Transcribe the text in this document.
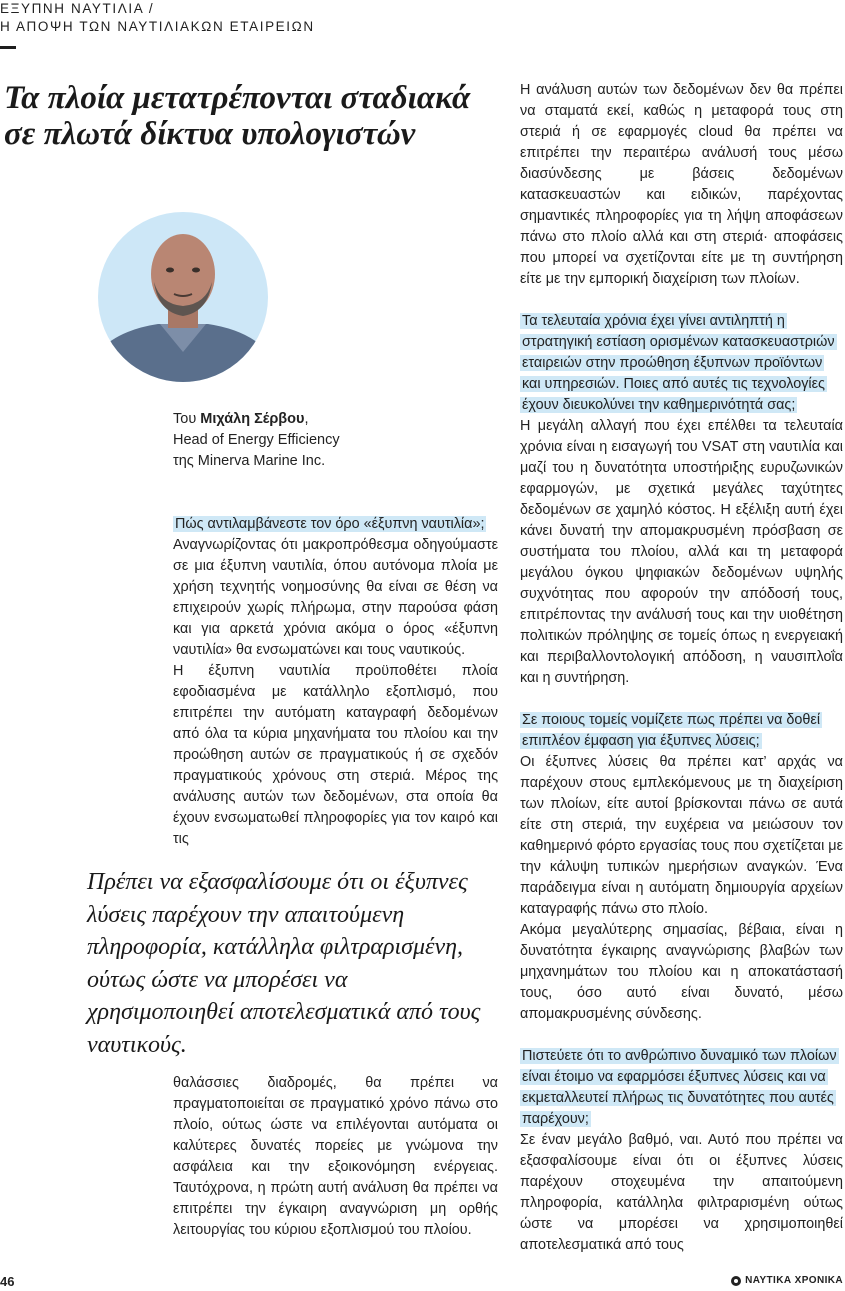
ΕΞΥΠΝΗ ΝΑΥΤΙΛΙΑ /
Η ΑΠΟΨΗ ΤΩΝ ΝΑΥΤΙΛΙΑΚΩΝ ΕΤΑΙΡΕΙΩΝ
Τα πλοία μετατρέπονται σταδιακά σε πλωτά δίκτυα υπολογιστών
Του Μιχάλη Σέρβου,
Head of Energy Efficiency
της Minerva Marine Inc.

Πώς αντιλαμβάνεστε τον όρο «έξυπνη ναυτιλία»;

Αναγνωρίζοντας ότι μακροπρόθεσμα οδηγούμαστε σε μια έξυπνη ναυτιλία, όπου αυτόνομα πλοία με χρήση τεχνητής νοημοσύνης θα είναι σε θέση να επιχειρούν χωρίς πλήρωμα, στην παρούσα φάση και για αρκετά χρόνια ακόμα ο όρος «έξυπνη ναυτιλία» θα ενσωματώνει και τους ναυτικούς.

Η έξυπνη ναυτιλία προϋποθέτει πλοία εφοδιασμένα με κατάλληλο εξοπλισμό, που επιτρέπει την αυτόματη καταγραφή δεδομένων από όλα τα κύρια μηχανήματα του πλοίου και την προώθηση αυτών σε πραγματικούς ή σε σχεδόν πραγματικούς χρόνους στη στεριά. Μέρος της ανάλυσης αυτών των δεδομένων, στα οποία θα έχουν ενσωματωθεί πληροφορίες για τον καιρό και τις

Πρέπει να εξασφαλίσουμε ότι οι έξυπνες λύσεις παρέχουν την απαιτούμενη πληροφορία, κατάλληλα φιλτραρισμένη, ούτως ώστε να μπορέσει να χρησιμοποιηθεί αποτελεσματικά από τους ναυτικούς.

θαλάσσιες διαδρομές, θα πρέπει να πραγματοποιείται σε πραγματικό χρόνο πάνω στο πλοίο, ούτως ώστε να επιλέγονται αυτόματα οι καλύτερες δυνατές πορείες με γνώμονα την ασφάλεια και την εξοικονόμηση ενέργειας. Ταυτόχρονα, η πρώτη αυτή ανάλυση θα πρέπει να επιτρέπει την έγκαιρη αναγνώριση μη ορθής λειτουργίας του κύριου εξοπλισμού του πλοίου.

Η ανάλυση αυτών των δεδομένων δεν θα πρέπει να σταματά εκεί, καθώς η μεταφορά τους στη στεριά ή σε εφαρμογές cloud θα πρέπει να επιτρέπει την περαιτέρω ανάλυσή τους μέσω διασύνδεσης με βάσεις δεδομένων κατασκευαστών και ειδικών, παρέχοντας σημαντικές πληροφορίες για τη λήψη αποφάσεων πάνω στο πλοίο αλλά και στη στεριά· αποφάσεις που μπορεί να σχετίζονται είτε με τη συντήρηση είτε με την εμπορική διαχείριση των πλοίων.

Τα τελευταία χρόνια έχει γίνει αντιληπτή η στρατηγική εστίαση ορισμένων κατασκευαστριών εταιρειών στην προώθηση έξυπνων προϊόντων και υπηρεσιών. Ποιες από αυτές τις τεχνολογίες έχουν διευκολύνει την καθημερινότητά σας;

Η μεγάλη αλλαγή που έχει επέλθει τα τελευταία χρόνια είναι η εισαγωγή του VSAT στη ναυτιλία και μαζί του η δυνατότητα υποστήριξης ευρυζωνικών εφαρμογών, με σχετικά μεγάλες ταχύτητες δεδομένων σε χαμηλό κόστος. Η εξέλιξη αυτή έχει κάνει δυνατή την απομακρυσμένη πρόσβαση σε συστήματα του πλοίου, αλλά και τη μεταφορά μεγάλου όγκου ψηφιακών δεδομένων υψηλής συχνότητας που αφορούν την απόδοσή τους, επιτρέποντας την ανάλυσή τους και την υιοθέτηση πολιτικών πρόληψης σε τομείς όπως η ενεργειακή και περιβαλλοντολογική απόδοση, η ναυσιπλοΐα και η συντήρηση.

Σε ποιους τομείς νομίζετε πως πρέπει να δοθεί επιπλέον έμφαση για έξυπνες λύσεις;

Οι έξυπνες λύσεις θα πρέπει κατ’ αρχάς να παρέχουν στους εμπλεκόμενους με τη διαχείριση των πλοίων, είτε αυτοί βρίσκονται πάνω σε αυτά είτε στη στεριά, την ευχέρεια να μειώσουν τον καθημερινό φόρτο εργασίας τους που σχετίζεται με την κάλυψη τυπικών ημερήσιων αναγκών. Ένα παράδειγμα είναι η αυτόματη δημιουργία αρχείων καταγραφής πάνω στο πλοίο.

Ακόμα μεγαλύτερης σημασίας, βέβαια, είναι η δυνατότητα έγκαιρης αναγνώρισης βλαβών των μηχανημάτων του πλοίου και η αποκατάστασή τους, όσο αυτό είναι δυνατό, μέσω απομακρυσμένης σύνδεσης.

Πιστεύετε ότι το ανθρώπινο δυναμικό των πλοίων είναι έτοιμο να εφαρμόσει έξυπνες λύσεις και να εκμεταλλευτεί πλήρως τις δυνατότητες που αυτές παρέχουν;

Σε έναν μεγάλο βαθμό, ναι. Αυτό που πρέπει να εξασφαλίσουμε είναι ότι οι έξυπνες λύσεις παρέχουν στοχευμένα την απαιτούμενη πληροφορία, κατάλληλα φιλτραρισμένη ούτως ώστε να μπορέσει να χρησιμοποιηθεί αποτελεσματικά από τους

46	ΝΑΥΤΙΚΑ ΧΡΟΝΙΚΑ
